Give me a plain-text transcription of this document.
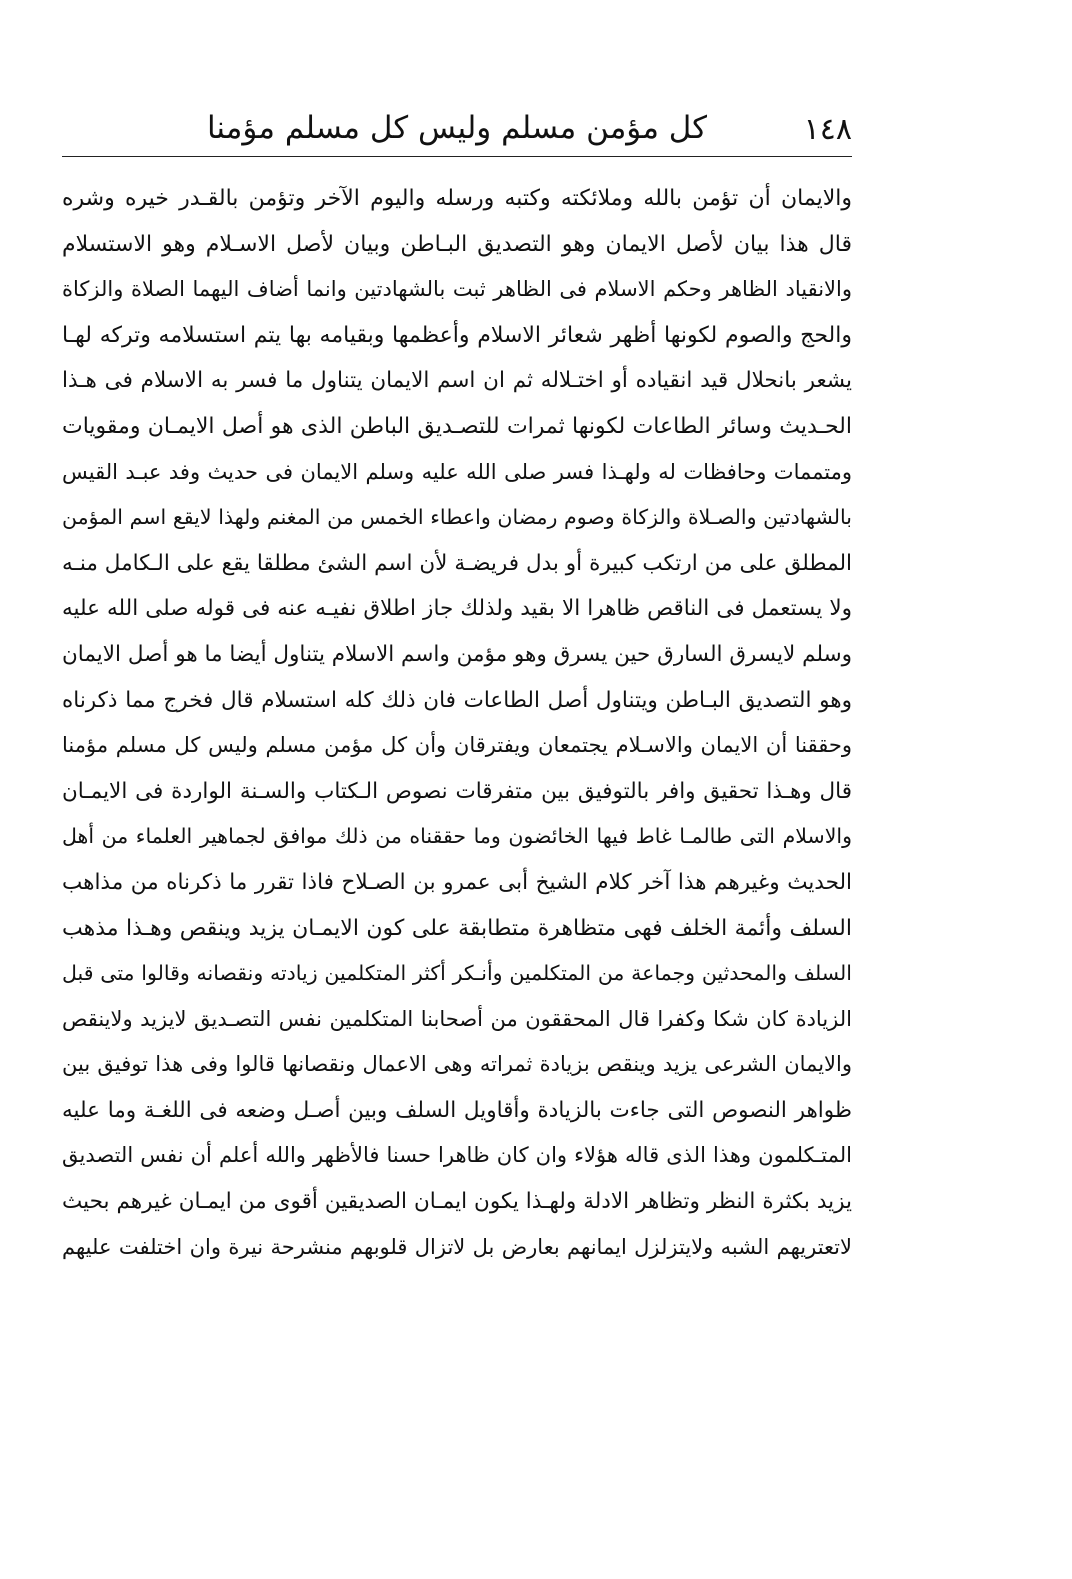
١٤٨
كل مؤمن مسلم وليس كل مسلم مؤمنا
والايمان أن تؤمن بالله وملائكته وكتبه ورسله واليوم الآخر وتؤمن بالقـدر خيره وشره
قال هذا بيان لأصل الايمان وهو التصديق البـاطن وبيان لأصل الاسـلام وهو الاستسلام
والانقياد الظاهر وحكم الاسلام فى الظاهر ثبت بالشهادتين وانما أضاف اليهما الصلاة والزكاة
والحج والصوم لكونها أظهر شعائر الاسلام وأعظمها وبقيامه بها يتم استسلامه وتركه لهـا
يشعر بانحلال قيد انقياده أو اختـلاله ثم ان اسم الايمان يتناول ما فسر به الاسلام فى هـذا
الحـديث وسائر الطاعات لكونها ثمرات للتصـديق الباطن الذى هو أصل الايمـان ومقويات
ومتممات وحافظات له ولهـذا فسر صلى الله عليه وسلم الايمان فى حديث وفد عبـد القيس
بالشهادتين والصـلاة والزكاة وصوم رمضان واعطاء الخمس من المغنم ولهذا لايقع اسم المؤمن
المطلق على من ارتكب كبيرة أو بدل فريضـة لأن اسم الشئ مطلقا يقع على الـكامل منـه
ولا يستعمل فى الناقص ظاهرا الا بقيد ولذلك جاز اطلاق نفيـه عنه فى قوله صلى الله عليه
وسلم لايسرق السارق حين يسرق وهو مؤمن واسم الاسلام يتناول أيضا ما هو أصل الايمان
وهو التصديق البـاطن ويتناول أصل الطاعات فان ذلك كله استسلام قال فخرج مما ذكرناه
وحققنا أن الايمان والاسـلام يجتمعان ويفترقان وأن كل مؤمن مسلم وليس كل مسلم مؤمنا
قال وهـذا تحقيق وافر بالتوفيق بين متفرقات نصوص الـكتاب والسـنة الواردة فى الايمـان
والاسلام التى طالمـا غاط فيها الخائضون وما حققناه من ذلك موافق لجماهير العلماء من أهل
الحديث وغيرهم هذا آخر كلام الشيخ أبى عمرو بن الصـلاح فاذا تقرر ما ذكرناه من مذاهب
السلف وأئمة الخلف فهى متظاهرة متطابقة على كون الايمـان يزيد وينقص وهـذا مذهب
السلف والمحدثين وجماعة من المتكلمين وأنـكر أكثر المتكلمين زيادته ونقصانه وقالوا متى قبل
الزيادة كان شكا وكفرا قال المحققون من أصحابنا المتكلمين نفس التصـديق لايزيد ولاينقص
والايمان الشرعى يزيد وينقص بزيادة ثمراته وهى الاعمال ونقصانها قالوا وفى هذا توفيق بين
ظواهر النصوص التى جاءت بالزيادة وأقاويل السلف وبين أصـل وضعه فى اللغـة وما عليه
المتـكلمون وهذا الذى قاله هؤلاء وان كان ظاهرا حسنا فالأظهر والله أعلم أن نفس التصديق
يزيد بكثرة النظر وتظاهر الادلة ولهـذا يكون ايمـان الصديقين أقوى من ايمـان غيرهم بحيث
لاتعتريهم الشبه ولايتزلزل ايمانهم بعارض بل لاتزال قلوبهم منشرحة نيرة وان اختلفت عليهم
